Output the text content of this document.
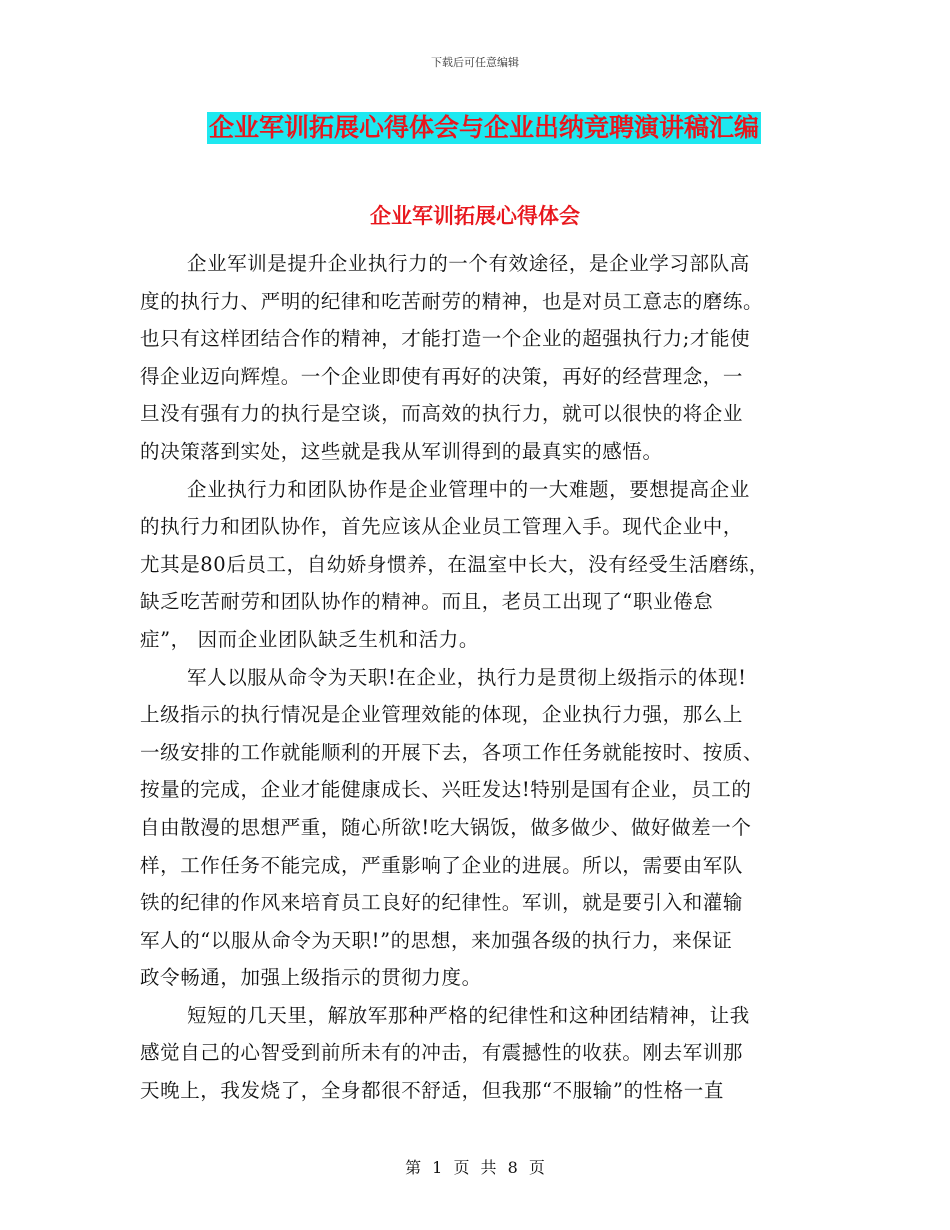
下载后可任意编辑
企业军训拓展心得体会与企业出纳竞聘演讲稿汇编
企业军训拓展心得体会
企业军训是提升企业执行力的一个有效途径，是企业学习部队高
度的执行力、严明的纪律和吃苦耐劳的精神，也是对员工意志的磨练。
也只有这样团结合作的精神，才能打造一个企业的超强执行力;才能使
得企业迈向辉煌。一个企业即使有再好的决策，再好的经营理念，一
旦没有强有力的执行是空谈，而高效的执行力，就可以很快的将企业
的决策落到实处，这些就是我从军训得到的最真实的感悟。
企业执行力和团队协作是企业管理中的一大难题，要想提高企业
的执行力和团队协作，首先应该从企业员工管理入手。现代企业中，
尤其是80后员工，自幼娇身惯养，在温室中长大，没有经受生活磨练，
缺乏吃苦耐劳和团队协作的精神。而且，老员工出现了“职业倦怠
症”， 因而企业团队缺乏生机和活力。
军人以服从命令为天职!在企业，执行力是贯彻上级指示的体现!
上级指示的执行情况是企业管理效能的体现，企业执行力强，那么上
一级安排的工作就能顺利的开展下去，各项工作任务就能按时、按质、
按量的完成，企业才能健康成长、兴旺发达!特别是国有企业，员工的
自由散漫的思想严重，随心所欲!吃大锅饭，做多做少、做好做差一个
样，工作任务不能完成，严重影响了企业的进展。所以，需要由军队
铁的纪律的作风来培育员工良好的纪律性。军训，就是要引入和灌输
军人的“以服从命令为天职!”的思想，来加强各级的执行力，来保证
政令畅通，加强上级指示的贯彻力度。
短短的几天里，解放军那种严格的纪律性和这种团结精神，让我
感觉自己的心智受到前所未有的冲击，有震撼性的收获。刚去军训那
天晚上，我发烧了，全身都很不舒适，但我那“不服输”的性格一直
第 1 页 共 8 页
